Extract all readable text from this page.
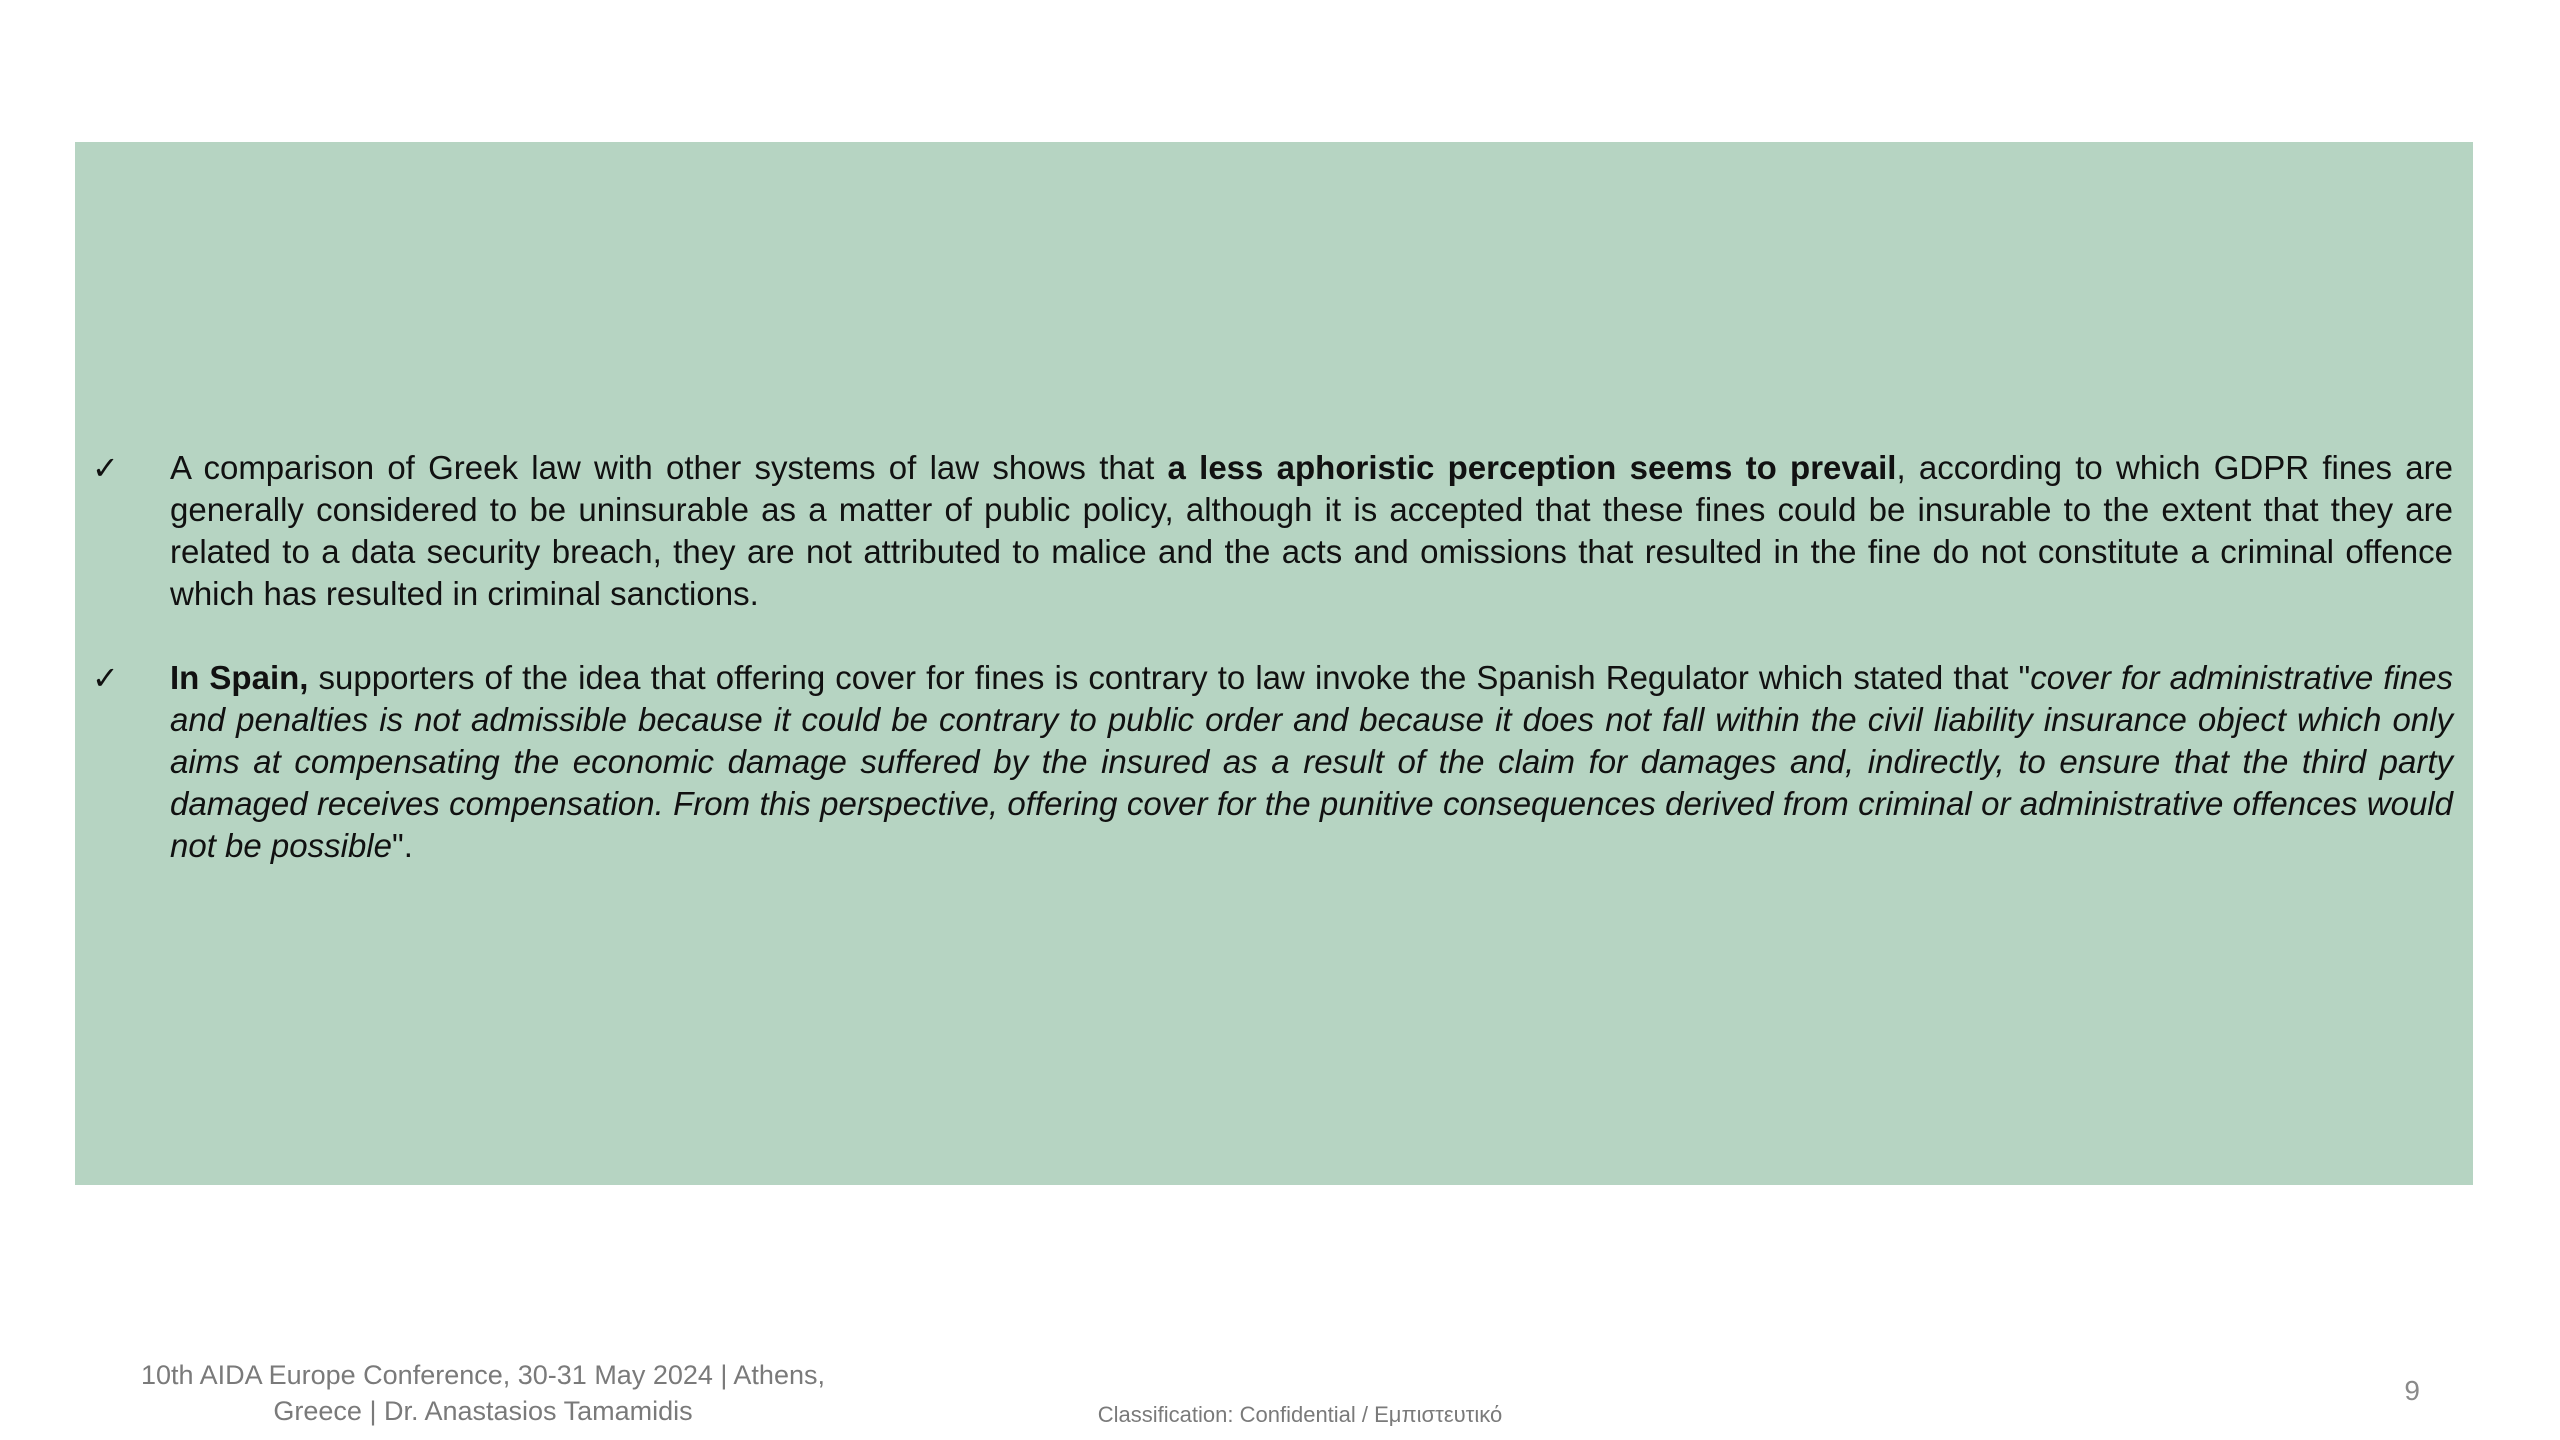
✓	A comparison of Greek law with other systems of law shows that a less aphoristic perception seems to prevail, according to which GDPR fines are generally considered to be uninsurable as a matter of public policy, although it is accepted that these fines could be insurable to the extent that they are related to a data security breach, they are not attributed to malice and the acts and omissions that resulted in the fine do not constitute a criminal offence which has resulted in criminal sanctions.
✓	In Spain, supporters of the idea that offering cover for fines is contrary to law invoke the Spanish Regulator which stated that "cover for administrative fines and penalties is not admissible because it could be contrary to public order and because it does not fall within the civil liability insurance object which only aims at compensating the economic damage suffered by the insured as a result of the claim for damages and, indirectly, to ensure that the third party damaged receives compensation. From this perspective, offering cover for the punitive consequences derived from criminal or administrative offences would not be possible".
10th AIDA Europe Conference, 30-31 May 2024 | Athens,
Greece | Dr. Anastasios Tamamidis	Classification: Confidential / Εμπιστευτικό
9
